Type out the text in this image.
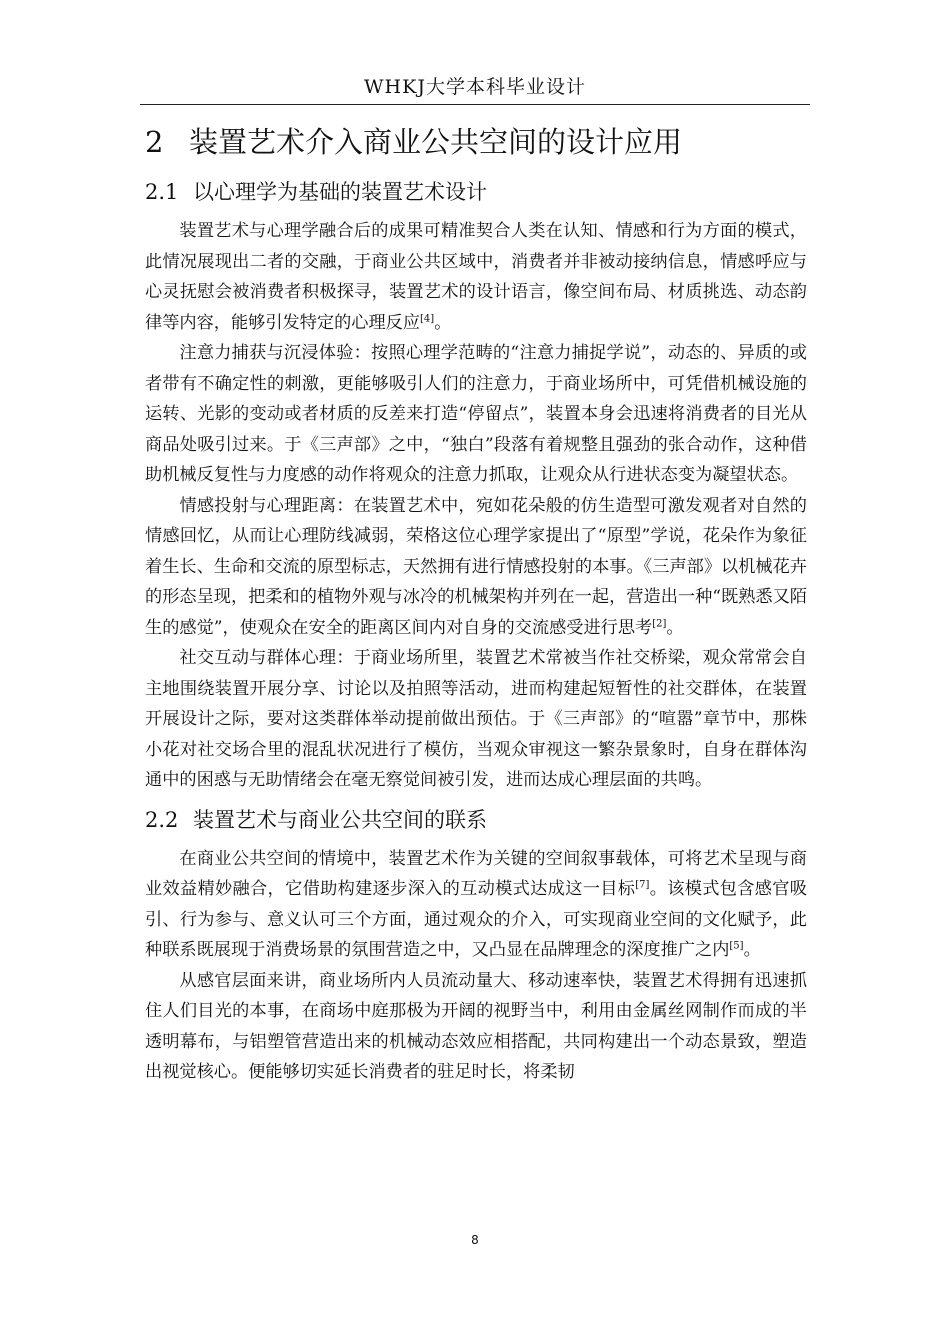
WHKJ大学本科毕业设计
2 装置艺术介入商业公共空间的设计应用
2.1 以心理学为基础的装置艺术设计

装置艺术与心理学融合后的成果可精准契合人类在认知、情感和行为方面的模式，此情况展现出二者的交融，于商业公共区域中，消费者并非被动接纳信息，情感呼应与心灵抚慰会被消费者积极探寻，装置艺术的设计语言，像空间布局、材质挑选、动态韵律等内容，能够引发特定的心理反应[4]。

注意力捕获与沉浸体验：按照心理学范畴的“注意力捕捉学说”，动态的、异质的或者带有不确定性的刺激，更能够吸引人们的注意力，于商业场所中，可凭借机械设施的运转、光影的变动或者材质的反差来打造“停留点”，装置本身会迅速将消费者的目光从商品处吸引过来。于《三声部》之中，“独白”段落有着规整且强劲的张合动作，这种借助机械反复性与力度感的动作将观众的注意力抓取，让观众从行进状态变为凝望状态。

情感投射与心理距离：在装置艺术中，宛如花朵般的仿生造型可激发观者对自然的情感回忆，从而让心理防线减弱，荣格这位心理学家提出了“原型”学说，花朵作为象征着生长、生命和交流的原型标志，天然拥有进行情感投射的本事。《三声部》以机械花卉的形态呈现，把柔和的植物外观与冰冷的机械架构并列在一起，营造出一种“既熟悉又陌生的感觉”，使观众在安全的距离区间内对自身的交流感受进行思考[2]。

社交互动与群体心理：于商业场所里，装置艺术常被当作社交桥梁，观众常常会自主地围绕装置开展分享、讨论以及拍照等活动，进而构建起短暂性的社交群体，在装置开展设计之际，要对这类群体举动提前做出预估。于《三声部》的“喧嚣”章节中，那株小花对社交场合里的混乱状况进行了模仿，当观众审视这一繁杂景象时，自身在群体沟通中的困惑与无助情绪会在毫无察觉间被引发，进而达成心理层面的共鸣。

2.2 装置艺术与商业公共空间的联系

在商业公共空间的情境中，装置艺术作为关键的空间叙事载体，可将艺术呈现与商业效益精妙融合，它借助构建逐步深入的互动模式达成这一目标[7]。该模式包含感官吸引、行为参与、意义认可三个方面，通过观众的介入，可实现商业空间的文化赋予，此种联系既展现于消费场景的氛围营造之中，又凸显在品牌理念的深度推广之内[5]。

从感官层面来讲，商业场所内人员流动量大、移动速率快，装置艺术得拥有迅速抓住人们目光的本事，在商场中庭那极为开阔的视野当中，利用由金属丝网制作而成的半透明幕布，与铝塑管营造出来的机械动态效应相搭配，共同构建出一个动态景致，塑造出视觉核心。便能够切实延长消费者的驻足时长，将柔韧

8
